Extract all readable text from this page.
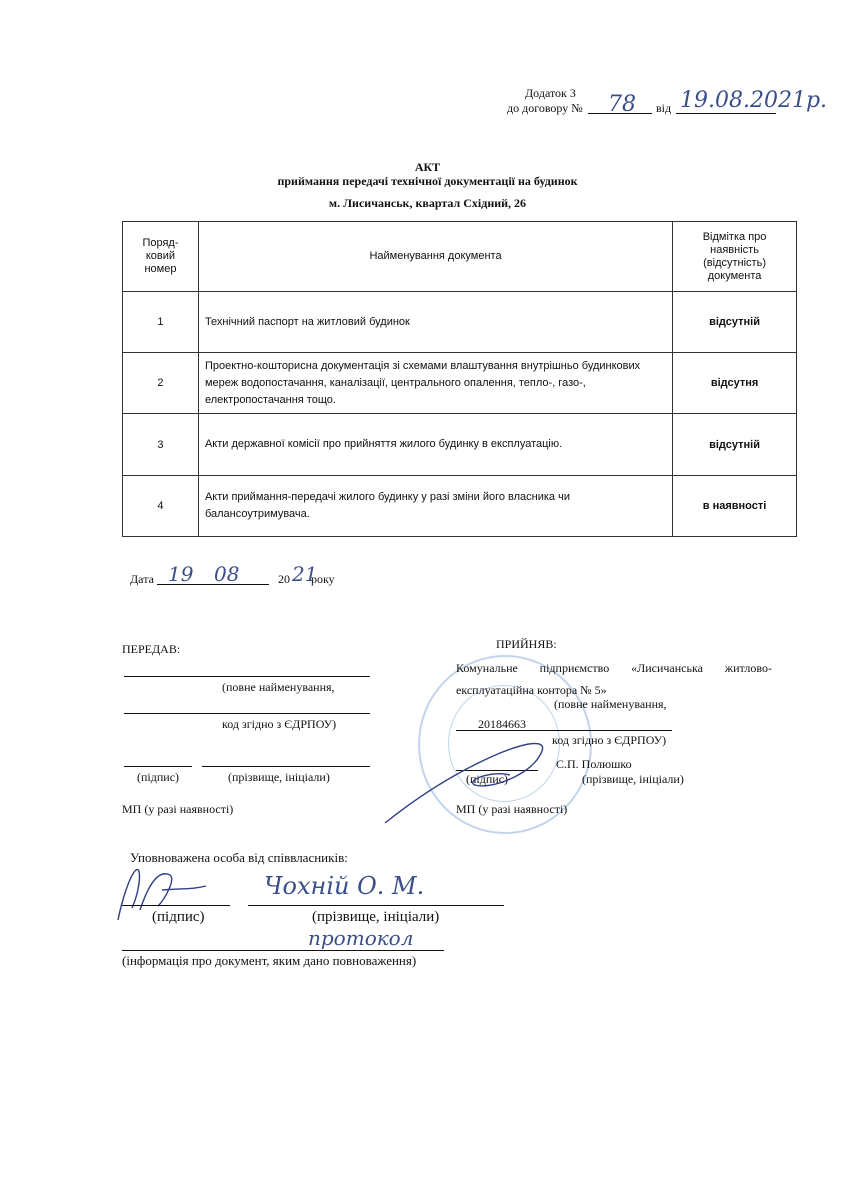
Додаток 3
до договору № 78 від 19.08.2021р.
АКТ
приймання передачі технічної документації на будинок
м. Лисичанськ, квартал Східний, 26
Поряд-ковий номер	Найменування документа	Відмітка про наявність (відсутність) документа
1	Технічний паспорт на житловий будинок	відсутній
2	Проектно-кошторисна документація зі схемами влаштування внутрішньо будинкових мереж водопостачання, каналізації, центрального опалення, тепло-, газо-, електропостачання тощо.	відсутня
3	Акти державної комісії про прийняття жилого будинку в експлуатацію.	відсутній
4	Акти приймання-передачі жилого будинку у разі зміни його власника чи балансоутримувача.	в наявності
Дата 19 08	20 21
року
ПЕРЕДАВ:
(повне найменування,
код згідно з ЄДРПОУ)
(підпис)	(прізвище, ініціали)
МП (у разі наявності)
ПРИЙНЯВ:
Комунальне підприємство «Лисичанська житлово-експлуатаційна контора № 5»
(повне найменування,
20184663
код згідно з ЄДРПОУ)
С.П. Полюшко
(підпис)	(прізвище, ініціали)
МП (у разі наявності)
Уповноважена особа від співвласників:
Чохній О. М.
(підпис)	(прізвище, ініціали)
протокол
(інформація про документ, яким дано повноваження)
